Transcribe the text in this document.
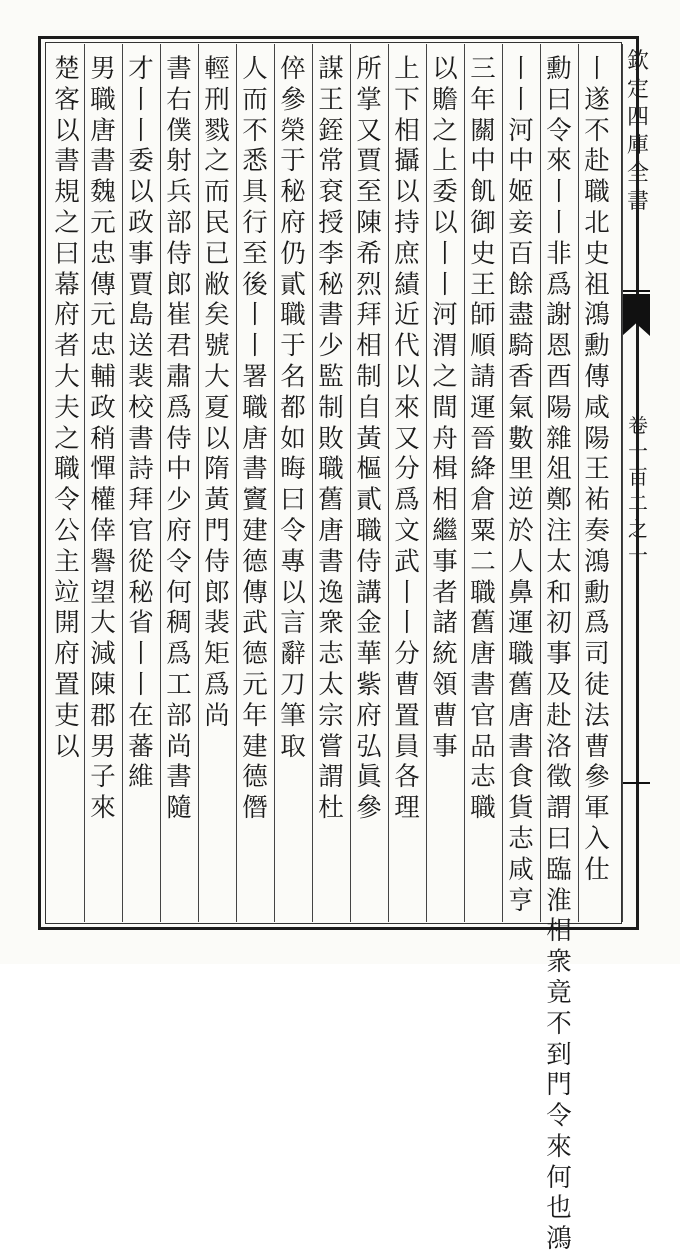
欽定四庫全書
卷一百二之一
丨
遂
不
赴
職
北
史
祖
鴻
勳
傳
咸
陽
王
𧙗
奏
鴻
勳
爲
司
徒
法
曹
參
軍
入
仕
勳
曰
令
來
丨
丨
非
爲
謝
恩
酉
陽
雜
俎
鄭
注
太
和
初
事
及
赴
洛
徵
謂
曰
臨
淮
相
衆
竟
不
到
門
令
來
何
也
鴻
丨
丨
河
中
姬
妾
百
餘
盡
騎
香
氣
數
里
逆
於
人
鼻
運
職
舊
唐
書
食
貨
志
咸
亨
三
年
關
中
飢
御
史
王
師
順
請
運
晉
絳
倉
粟
二
職
舊
唐
書
官
品
志
職
以
贍
之
上
委
以
丨
丨
河
渭
之
間
舟
楫
相
繼
事
者
諸
統
領
曹
事
上
下
相
攝
以
持
庶
績
近
代
以
來
又
分
爲
文
武
丨
丨
分
曹
置
員
各
理
所
掌
又
賈
至
陳
希
烈
拜
相
制
自
黃
樞
貳
職
侍
講
金
華
紫
府
弘
眞
參
謀
王
銍
常
袞
授
李
秘
書
少
監
制
敗
職
舊
唐
書
逸
衆
志
太
宗
嘗
謂
杜
倅
參
榮
于
秘
府
仍
貳
職
于
名
都
如
晦
曰
令
專
以
言
辭
刀
筆
取
人
而
不
悉
具
行
至
後
丨
丨
署
職
唐
書
竇
建
德
傳
武
德
元
年
建
德
僭
輕
刑
戮
之
而
民
已
敝
矣
號
大
夏
以
隋
黃
門
侍
郎
裴
矩
爲
尚
書
右
僕
射
兵
部
侍
郎
崔
君
肅
爲
侍
中
少
府
令
何
稠
爲
工
部
尚
書
隨
才
丨
丨
委
以
政
事
賈
島
送
裴
校
書
詩
拜
官
從
秘
省
丨
丨
在
蕃
維
男
職
唐
書
魏
元
忠
傳
元
忠
輔
政
稍
憚
權
倖
譽
望
大
減
陳
郡
男
子
來
楚
客
以
書
規
之
曰
幕
府
者
大
夫
之
職
令
公
主
竝
開
府
置
吏
以
